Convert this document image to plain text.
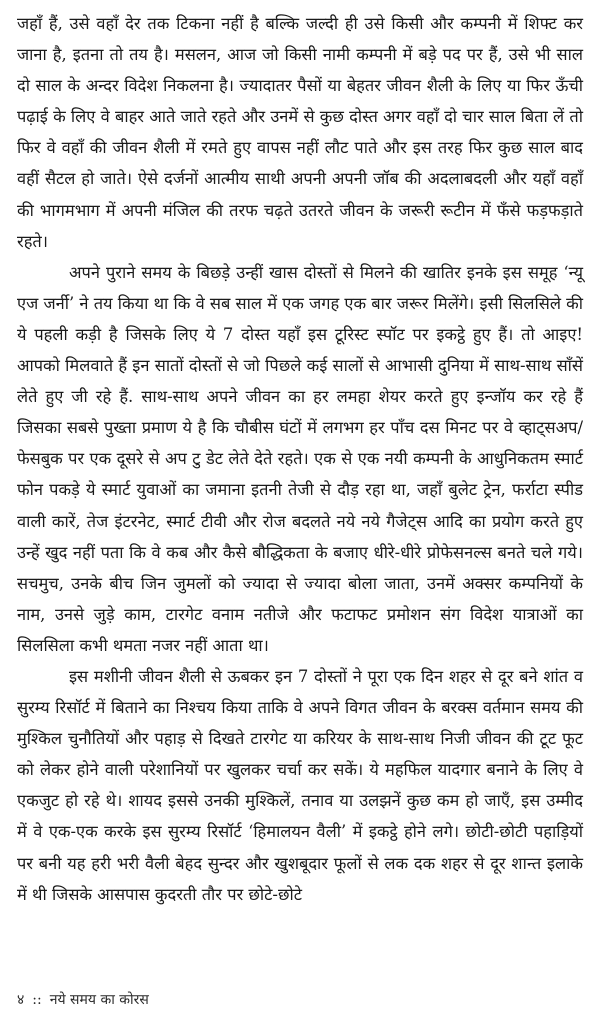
जहाँ हैं, उसे वहाँ देर तक टिकना नहीं है बल्कि जल्दी ही उसे किसी और कम्पनी में शिफ्ट कर जाना है, इतना तो तय है। मसलन, आज जो किसी नामी कम्पनी में बड़े पद पर हैं, उसे भी साल दो साल के अन्दर विदेश निकलना है। ज्यादातर पैसों या बेहतर जीवन शैली के लिए या फिर ऊँची पढ़ाई के लिए वे बाहर आते जाते रहते और उनमें से कुछ दोस्त अगर वहाँ दो चार साल बिता लें तो फिर वे वहाँ की जीवन शैली में रमते हुए वापस नहीं लौट पाते और इस तरह फिर कुछ साल बाद वहीं सैटल हो जाते। ऐसे दर्जनों आत्मीय साथी अपनी अपनी जॉब की अदलाबदली और यहाँ वहाँ की भागमभाग में अपनी मंजिल की तरफ चढ़ते उतरते जीवन के जरूरी रूटीन में फँसे फड़फड़ाते रहते।

अपने पुराने समय के बिछड़े उन्हीं खास दोस्तों से मिलने की खातिर इनके इस समूह ‘न्यू एज जर्नी’ ने तय किया था कि वे सब साल में एक जगह एक बार जरूर मिलेंगे। इसी सिलसिले की ये पहली कड़ी है जिसके लिए ये 7 दोस्त यहाँ इस टूरिस्ट स्पॉट पर इकट्ठे हुए हैं। तो आइए! आपको मिलवाते हैं इन सातों दोस्तों से जो पिछले कई सालों से आभासी दुनिया में साथ-साथ साँसें लेते हुए जी रहे हैं. साथ-साथ अपने जीवन का हर लमहा शेयर करते हुए इन्जॉय कर रहे हैं जिसका सबसे पुख्ता प्रमाण ये है कि चौबीस घंटों में लगभग हर पाँच दस मिनट पर वे व्हाट्सअप/फेसबुक पर एक दूसरे से अप टु डेट लेते देते रहते। एक से एक नयी कम्पनी के आधुनिकतम स्मार्ट फोन पकड़े ये स्मार्ट युवाओं का जमाना इतनी तेजी से दौड़ रहा था, जहाँ बुलेट ट्रेन, फर्राटा स्पीड वाली कारें, तेज इंटरनेट, स्मार्ट टीवी और रोज बदलते नये नये गैजेट्स आदि का प्रयोग करते हुए उन्हें खुद नहीं पता कि वे कब और कैसे बौद्धिकता के बजाए धीरे-धीरे प्रोफेसनल्स बनते चले गये। सचमुच, उनके बीच जिन जुमलों को ज्यादा से ज्यादा बोला जाता, उनमें अक्सर कम्पनियों के नाम, उनसे जुड़े काम, टारगेट वनाम नतीजे और फटाफट प्रमोशन संग विदेश यात्राओं का सिलसिला कभी थमता नजर नहीं आता था।

इस मशीनी जीवन शैली से ऊबकर इन 7 दोस्तों ने पूरा एक दिन शहर से दूर बने शांत व सुरम्य रिसॉर्ट में बिताने का निश्चय किया ताकि वे अपने विगत जीवन के बरक्स वर्तमान समय की मुश्किल चुनौतियों और पहाड़ से दिखते टारगेट या करियर के साथ-साथ निजी जीवन की टूट फूट को लेकर होने वाली परेशानियों पर खुलकर चर्चा कर सकें। ये महफिल यादगार बनाने के लिए वे एकजुट हो रहे थे। शायद इससे उनकी मुश्किलें, तनाव या उलझनें कुछ कम हो जाएँ, इस उम्मीद में वे एक-एक करके इस सुरम्य रिसॉर्ट ‘हिमालयन वैली’ में इकट्ठे होने लगे। छोटी-छोटी पहाड़ियों पर बनी यह हरी भरी वैली बेहद सुन्दर और खुशबूदार फूलों से लक दक शहर से दूर शान्त इलाके में थी जिसके आसपास कुदरती तौर पर छोटे-छोटे

४ :: नये समय का कोरस
